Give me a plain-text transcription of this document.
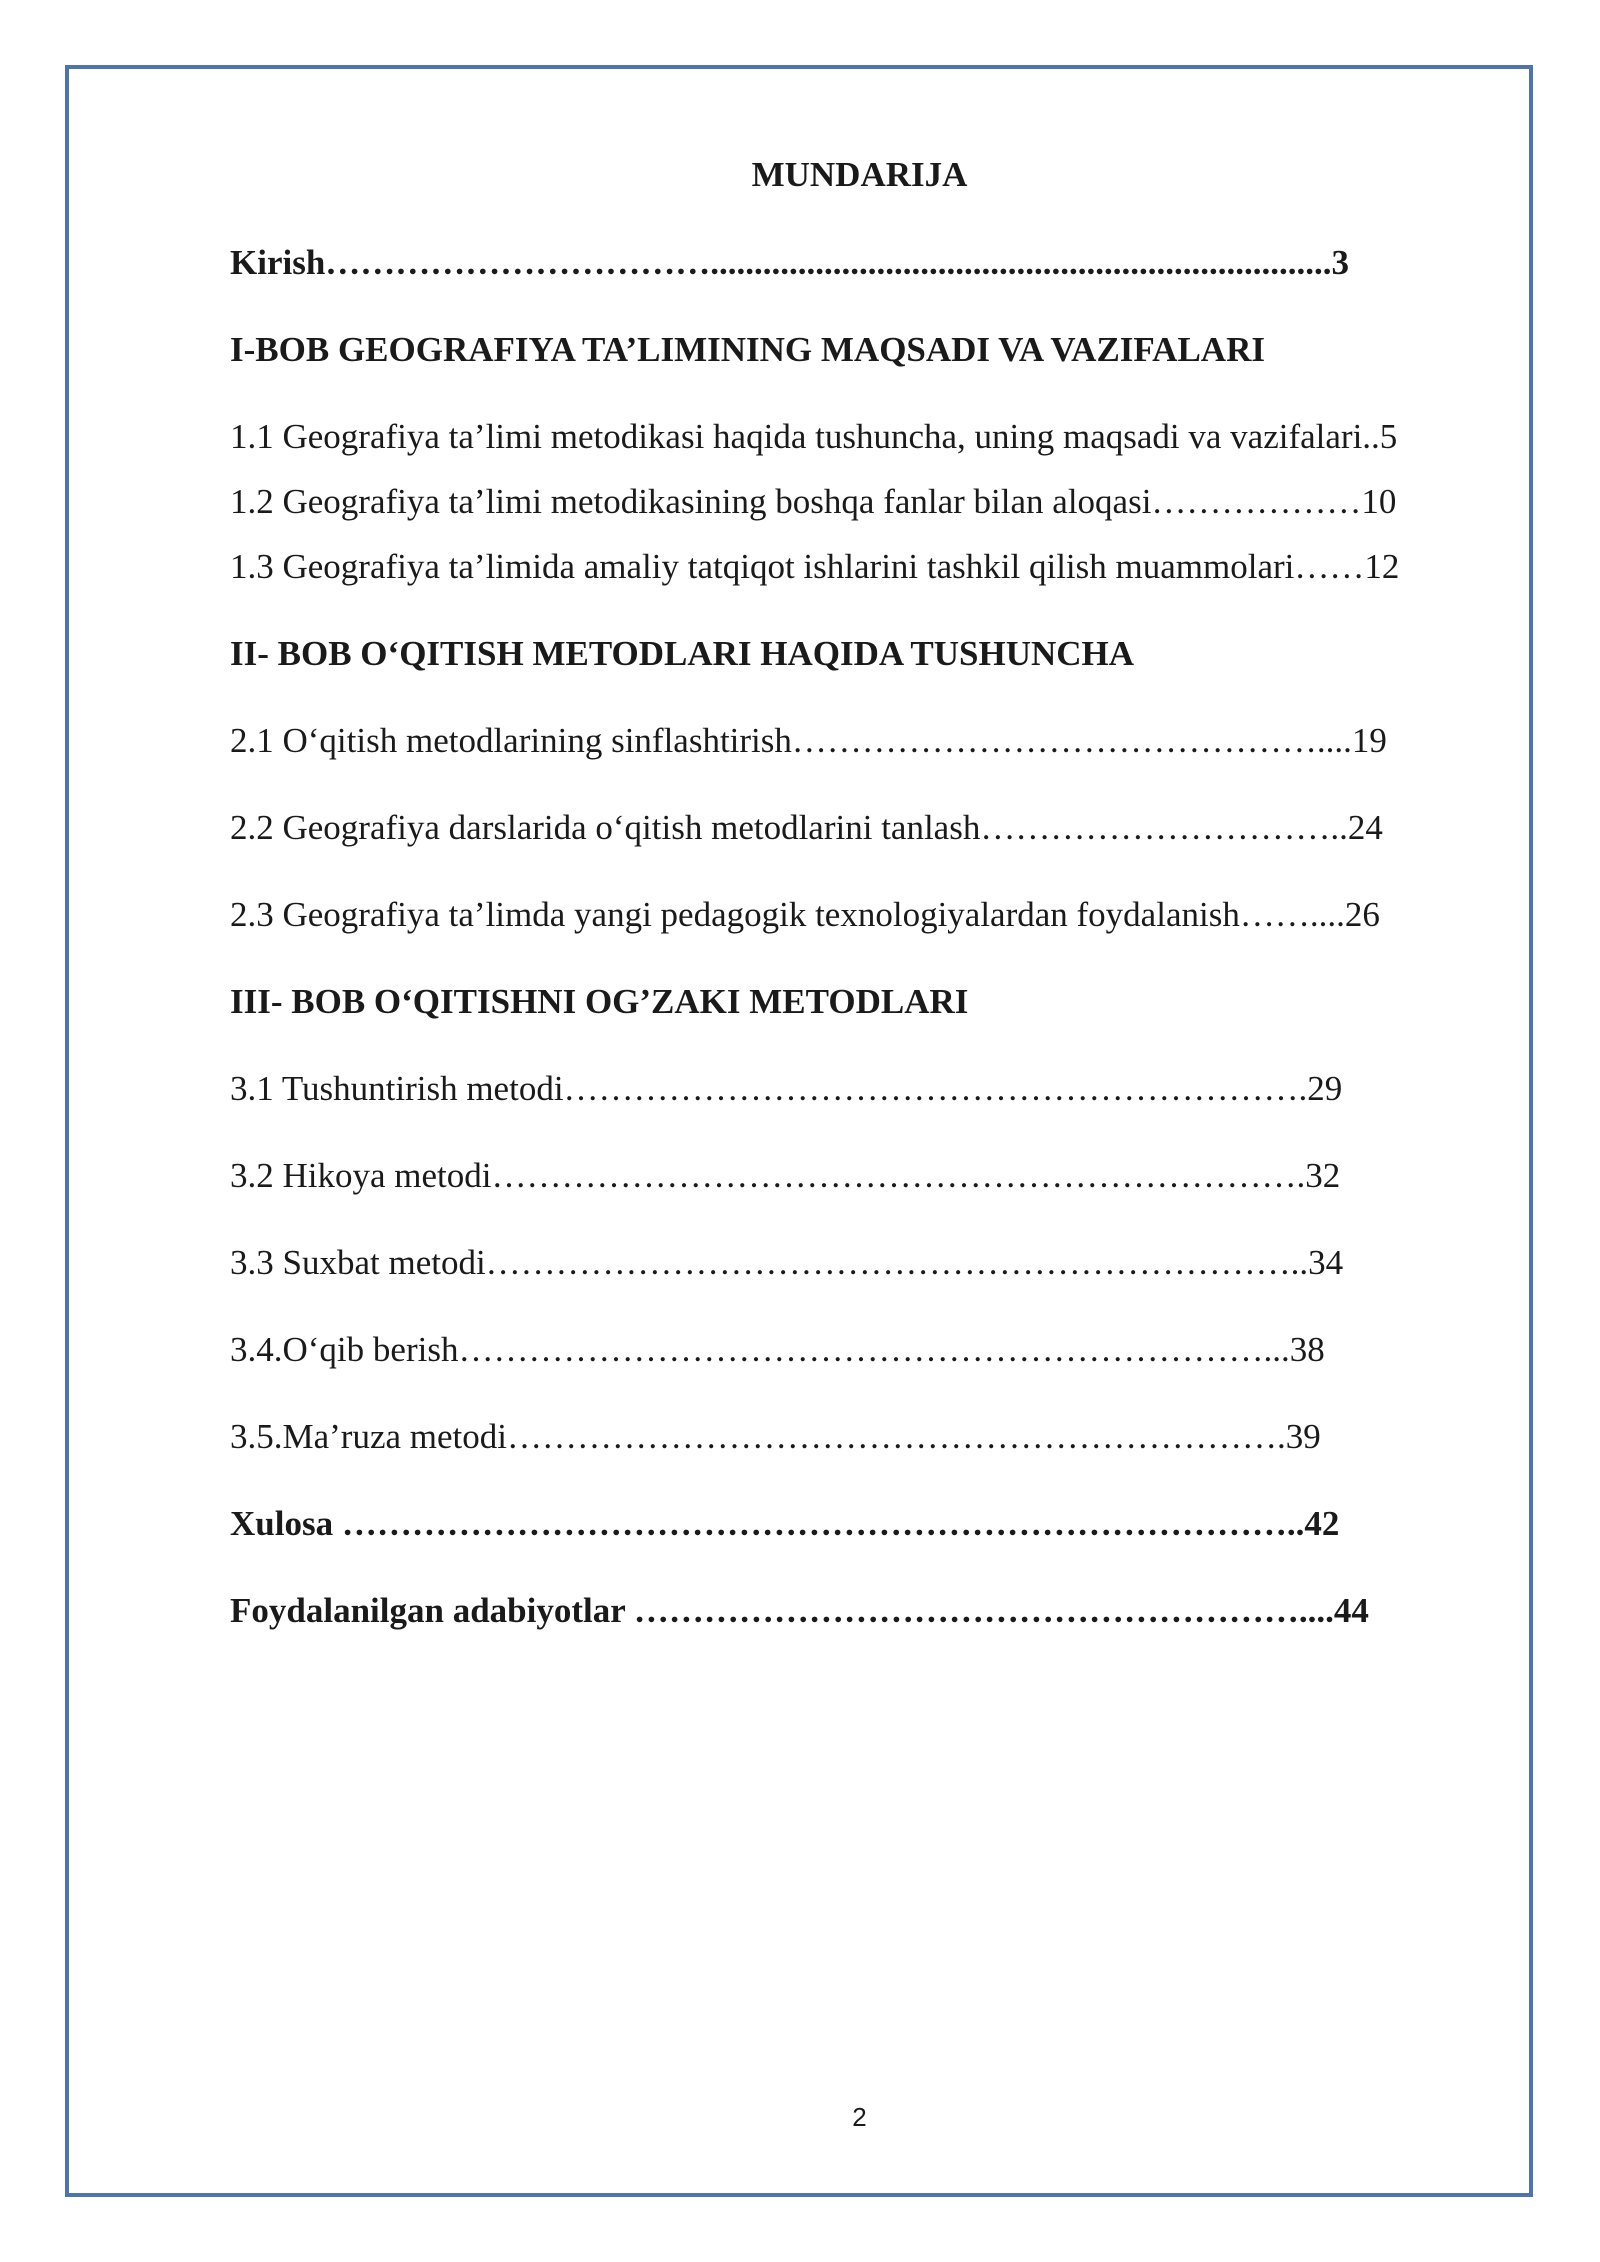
MUNDARIJA
Kirish…………………………….......................................................................3
I-BOB GEOGRAFIYA TA’LIMINING MAQSADI VA VAZIFALARI
1.1 Geografiya ta’limi metodikasi haqida tushuncha, uning maqsadi va vazifalari..5
1.2 Geografiya ta’limi metodikasining boshqa fanlar bilan aloqasi………………10
1.3 Geografiya ta’limida amaliy tatqiqot ishlarini tashkil qilish muammolari……12
II- BOB O‘QITISH METODLARI HAQIDA TUSHUNCHA
2.1 O‘qitish metodlarining sinflashtirish………………………………………....19
2.2 Geografiya darslarida o‘qitish metodlarini tanlash…………………………..24
2.3 Geografiya ta’limda yangi pedagogik texnologiyalardan foydalanish……....26
III- BOB O‘QITISHNI OG’ZAKI METODLARI
3.1 Tushuntirish metodi……………………………………………………….29
3.2 Hikoya metodi…………………………………………………………….32
3.3 Suxbat metodi……………………………………………………………..34
3.4.O‘qib berish……………………………………………………………...38
3.5.Ma’ruza metodi………………………………………………………….39
Xulosa ………………………………………………………………………..42
Foydalanilgan adabiyotlar …………………………………………………....44
2
